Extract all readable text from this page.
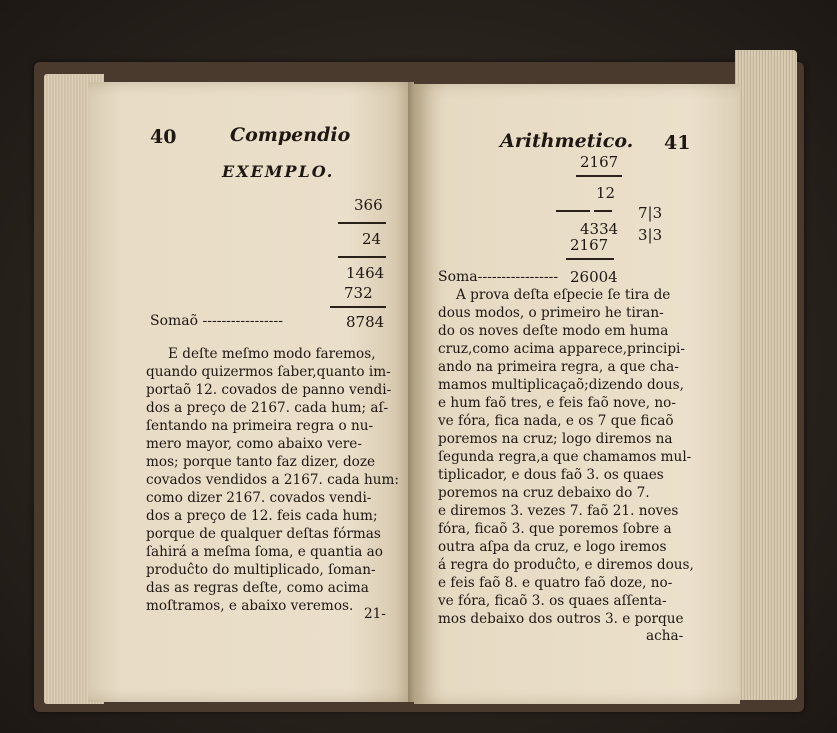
40	Compendio
EXEMPLO.
366
24
1464
732
Somaõ -----------------	8784
E deſte meſmo modo faremos,
quando quizermos ſaber,quanto im-
portaõ 12. covados de panno vendi-
dos a preço de 2167. cada hum; aſ-
ſentando na primeira regra o nu-
mero mayor, como abaixo vere-
mos; porque tanto faz dizer, doze
covados vendidos a 2167. cada hum:
como dizer 2167. covados vendi-
dos a preço de 12. feis cada hum;
porque de qualquer deſtas fórmas
ſahirá a meſma ſoma, e quantia ao
produĉto do multiplicado, ſoman-
das as regras deſte, como acima
moſtramos, e abaixo veremos. 21-
Arithmetico. 41
2167
12
4334
2167
7|3
3|3
Soma----------------- 26004
A prova deſta eſpecie ſe tira de
dous modos, o primeiro he tiran-
do os noves deſte modo em huma
cruz,como acima apparece,principi-
ando na primeira regra, a que cha-
mamos multiplicaçaõ;dizendo dous,
e hum faõ tres, e feis faõ nove, no-
ve fóra, fica nada, e os 7 que ficaõ
poremos na cruz; logo diremos na
ſegunda regra,a que chamamos mul-
tiplicador, e dous faõ 3. os quaes
poremos na cruz debaixo do 7.
e diremos 3. vezes 7. faõ 21. noves
fóra, ficaõ 3. que poremos ſobre a
outra aſpa da cruz, e logo iremos
á regra do produĉto, e diremos dous,
e feis faõ 8. e quatro faõ doze, no-
ve fóra, ficaõ 3. os quaes aſſenta-
mos debaixo dos outros 3. e porque
acha-
